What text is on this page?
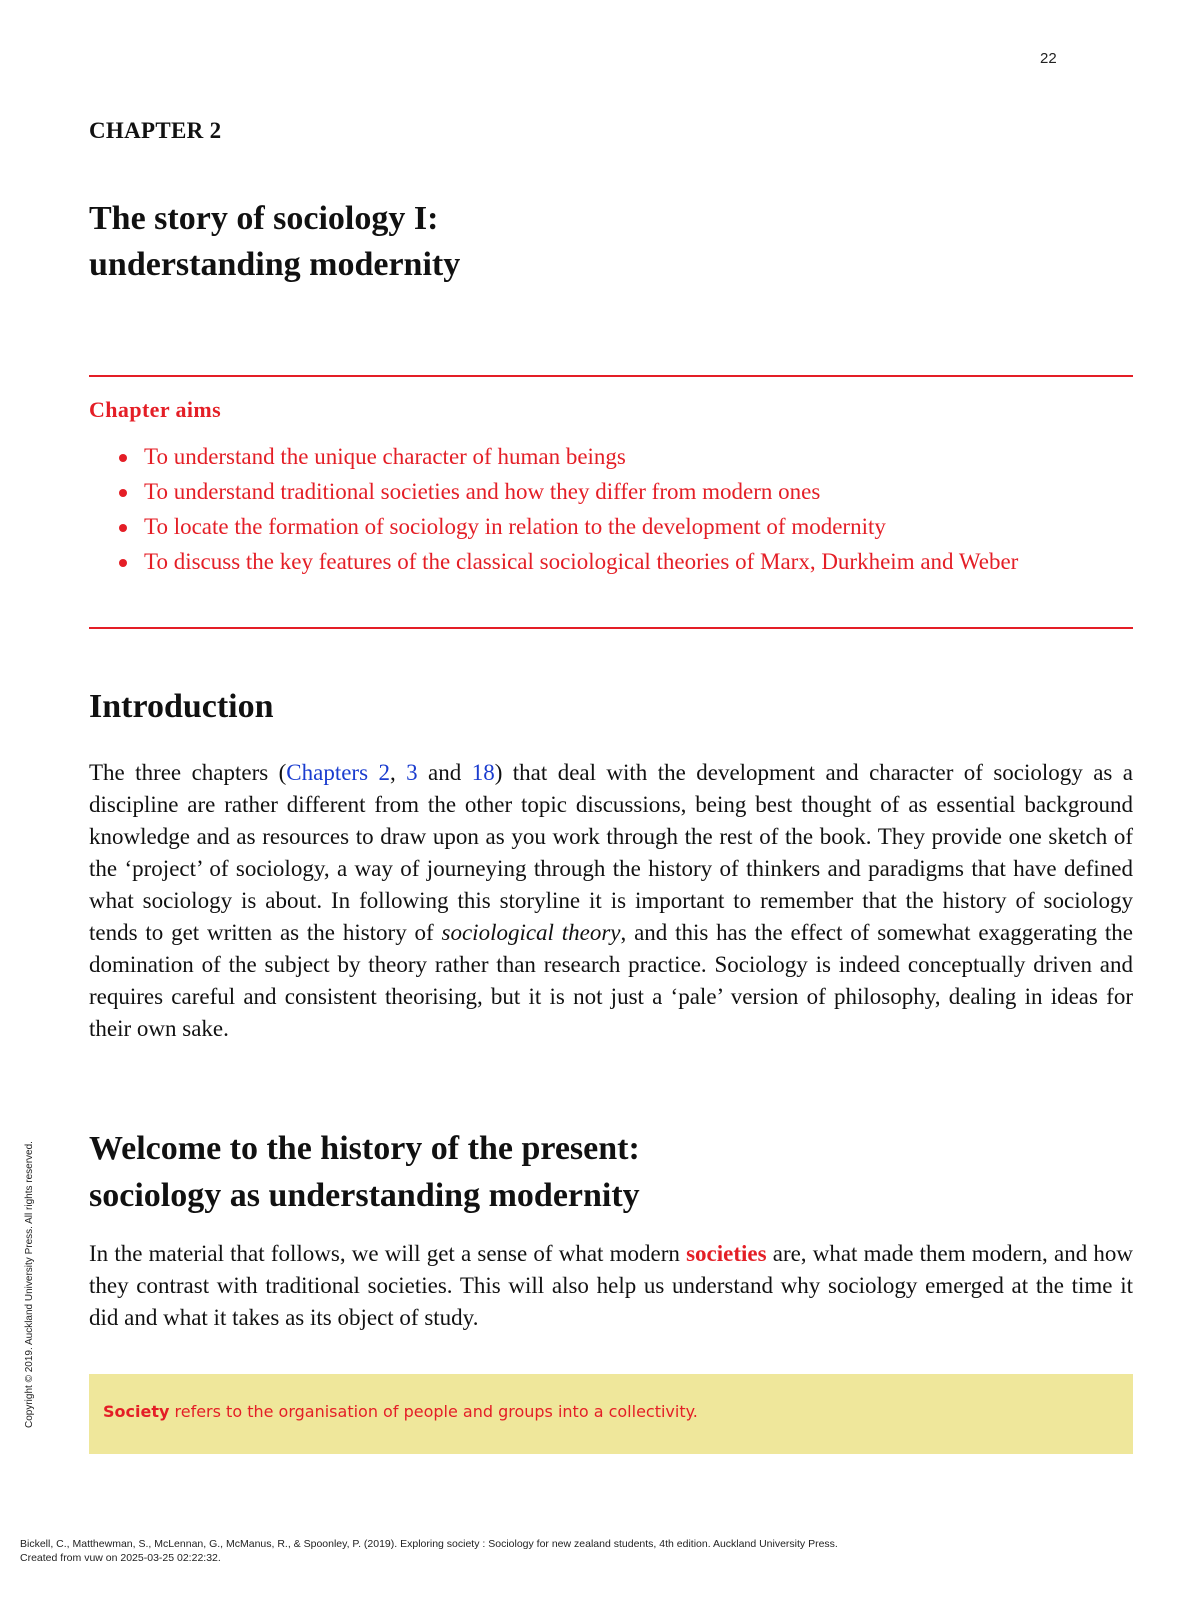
22
CHAPTER 2
The story of sociology I:
understanding modernity
Chapter aims
To understand the unique character of human beings
To understand traditional societies and how they differ from modern ones
To locate the formation of sociology in relation to the development of modernity
To discuss the key features of the classical sociological theories of Marx, Durkheim and Weber
Introduction

The three chapters (Chapters 2, 3 and 18) that deal with the development and character of sociology as a discipline are rather different from the other topic discussions, being best thought of as essential background knowledge and as resources to draw upon as you work through the rest of the book. They provide one sketch of the ‘project’ of sociology, a way of journeying through the history of thinkers and paradigms that have defined what sociology is about. In following this storyline it is important to remember that the history of sociology tends to get written as the history of sociological theory, and this has the effect of somewhat exaggerating the domination of the subject by theory rather than research practice. Sociology is indeed conceptually driven and requires careful and consistent theorising, but it is not just a ‘pale’ version of philosophy, dealing in ideas for their own sake.

Welcome to the history of the present:
sociology as understanding modernity

In the material that follows, we will get a sense of what modern societies are, what made them modern, and how they contrast with traditional societies. This will also help us understand why sociology emerged at the time it did and what it takes as its object of study.

Society refers to the organisation of people and groups into a collectivity.
Copyright © 2019. Auckland University Press. All rights reserved.
Bickell, C., Matthewman, S., McLennan, G., McManus, R., & Spoonley, P. (2019). Exploring society : Sociology for new zealand students, 4th edition. Auckland University Press.
Created from vuw on 2025-03-25 02:22:32.
